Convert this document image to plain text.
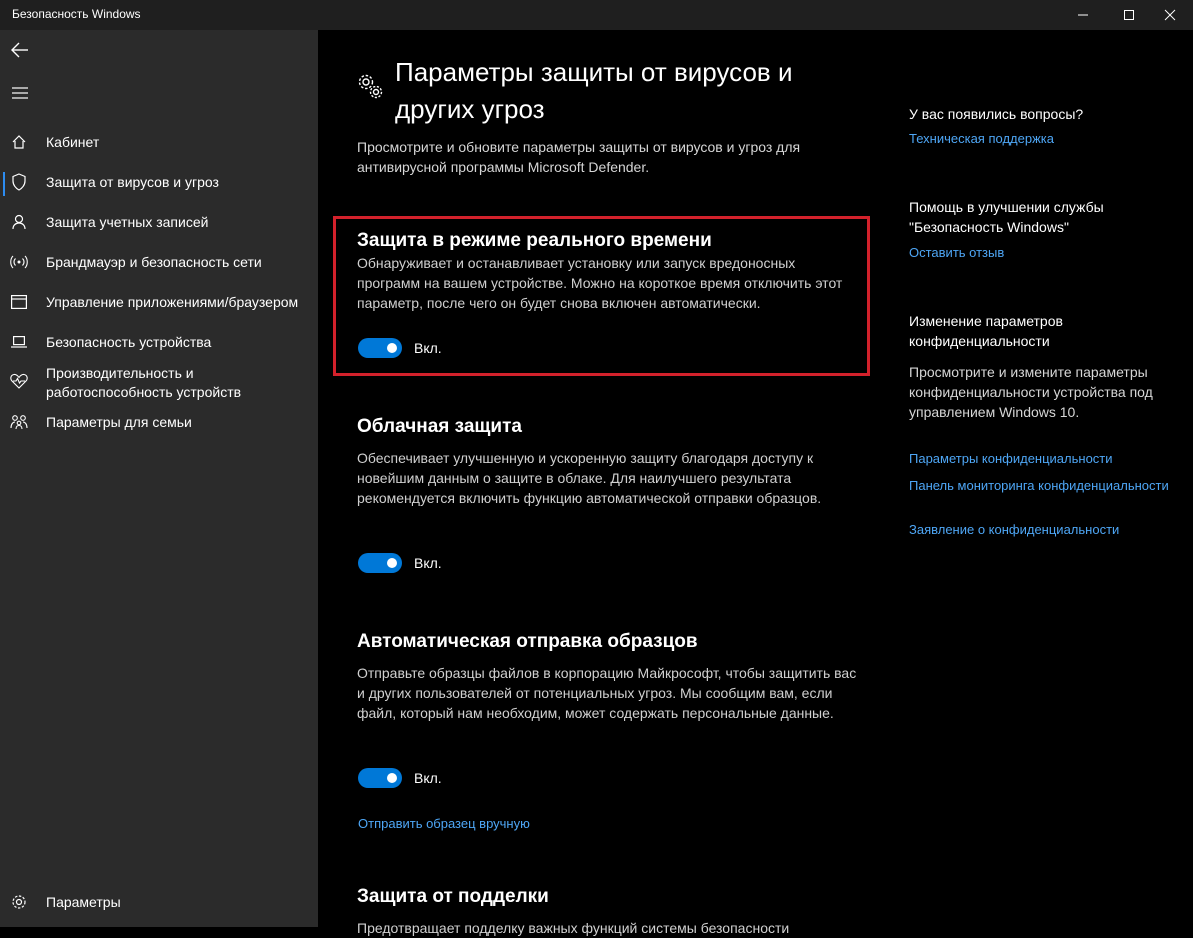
Безопасность Windows
Кабинет
Защита от вирусов и угроз
Защита учетных записей
Брандмауэр и безопасность сети
Управление приложениями/браузером
Безопасность устройства
Производительность и работоспособность устройств
Параметры для семьи
Параметры
Параметры защиты от вирусов и других угроз

Просмотрите и обновите параметры защиты от вирусов и угроз для антивирусной программы Microsoft Defender.

Защита в режиме реального времени

Обнаруживает и останавливает установку или запуск вредоносных программ на вашем устройстве. Можно на короткое время отключить этот параметр, после чего он будет снова включен автоматически.

Вкл.
Облачная защита

Обеспечивает улучшенную и ускоренную защиту благодаря доступу к новейшим данным о защите в облаке. Для наилучшего результата рекомендуется включить функцию автоматической отправки образцов.

Вкл.
Автоматическая отправка образцов

Отправьте образцы файлов в корпорацию Майкрософт, чтобы защитить вас и других пользователей от потенциальных угроз. Мы сообщим вам, если файл, который нам необходим, может содержать персональные данные.

Вкл.
Отправить образец вручную
Защита от подделки

Предотвращает подделку важных функций системы безопасности

У вас появились вопросы?
Техническая поддержка
Помощь в улучшении службы "Безопасность Windows"
Оставить отзыв
Изменение параметров конфиденциальности
Просмотрите и измените параметры конфиденциальности устройства под управлением Windows 10.
Параметры конфиденциальности
Панель мониторинга конфиденциальности
Заявление о конфиденциальности
